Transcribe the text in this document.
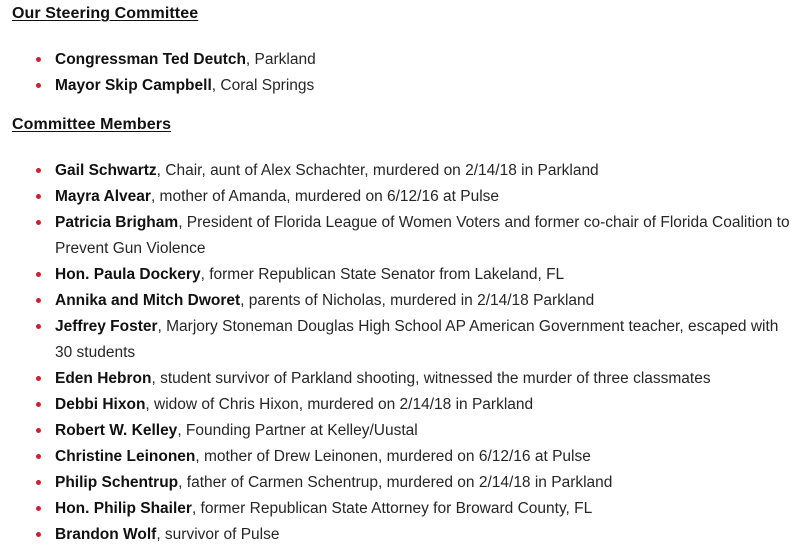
Our Steering Committee
Congressman Ted Deutch, Parkland
Mayor Skip Campbell, Coral Springs
Committee Members
Gail Schwartz, Chair, aunt of Alex Schachter, murdered on 2/14/18 in Parkland
Mayra Alvear, mother of Amanda, murdered on 6/12/16 at Pulse
Patricia Brigham, President of Florida League of Women Voters and former co-chair of Florida Coalition to Prevent Gun Violence
Hon. Paula Dockery, former Republican State Senator from Lakeland, FL
Annika and Mitch Dworet, parents of Nicholas, murdered in 2/14/18 Parkland
Jeffrey Foster, Marjory Stoneman Douglas High School AP American Government teacher, escaped with 30 students
Eden Hebron, student survivor of Parkland shooting, witnessed the murder of three classmates
Debbi Hixon, widow of Chris Hixon, murdered on 2/14/18 in Parkland
Robert W. Kelley, Founding Partner at Kelley/Uustal
Christine Leinonen, mother of Drew Leinonen, murdered on 6/12/16 at Pulse
Philip Schentrup, father of Carmen Schentrup, murdered on 2/14/18 in Parkland
Hon. Philip Shailer, former Republican State Attorney for Broward County, FL
Brandon Wolf, survivor of Pulse
